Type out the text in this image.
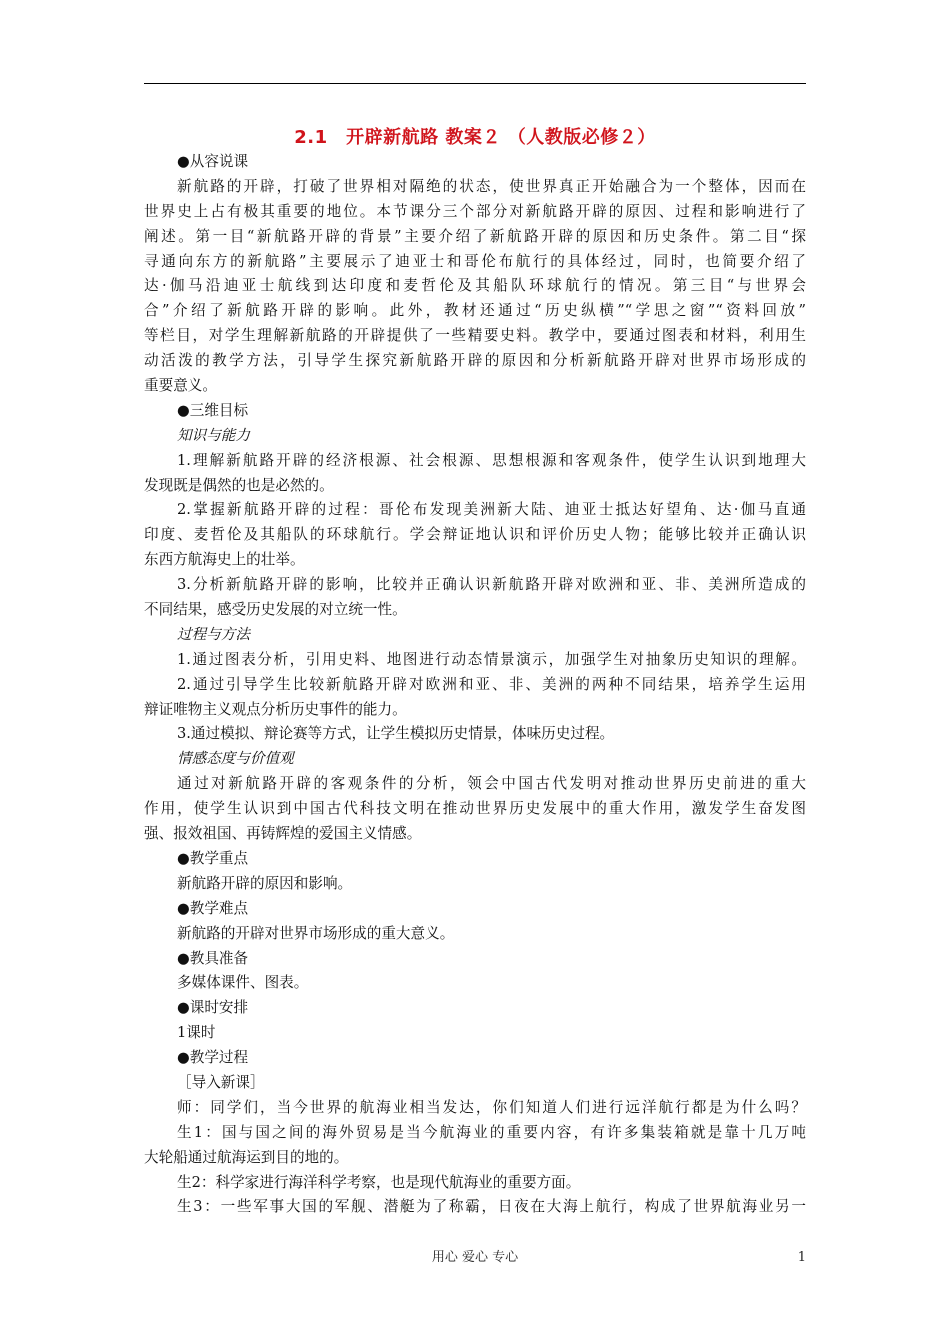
2.1　开辟新航路 教案２ （人教版必修２）
●从容说课
新航路的开辟，打破了世界相对隔绝的状态，使世界真正开始融合为一个整体，因而在
世界史上占有极其重要的地位。本节课分三个部分对新航路开辟的原因、过程和影响进行了
阐述。第一目“新航路开辟的背景”主要介绍了新航路开辟的原因和历史条件。第二目“探
寻通向东方的新航路”主要展示了迪亚士和哥伦布航行的具体经过，同时，也简要介绍了
达·伽马沿迪亚士航线到达印度和麦哲伦及其船队环球航行的情况。第三目“与世界会
合”介绍了新航路开辟的影响。此外，教材还通过“历史纵横”“学思之窗”“资料回放”
等栏目，对学生理解新航路的开辟提供了一些精要史料。教学中，要通过图表和材料，利用生
动活泼的教学方法，引导学生探究新航路开辟的原因和分析新航路开辟对世界市场形成的
重要意义。
●三维目标
知识与能力
1.理解新航路开辟的经济根源、社会根源、思想根源和客观条件，使学生认识到地理大
发现既是偶然的也是必然的。
2.掌握新航路开辟的过程：哥伦布发现美洲新大陆、迪亚士抵达好望角、达·伽马直通
印度、麦哲伦及其船队的环球航行。学会辩证地认识和评价历史人物；能够比较并正确认识
东西方航海史上的壮举。
3.分析新航路开辟的影响，比较并正确认识新航路开辟对欧洲和亚、非、美洲所造成的
不同结果，感受历史发展的对立统一性。
过程与方法
1.通过图表分析，引用史料、地图进行动态情景演示，加强学生对抽象历史知识的理解。
2.通过引导学生比较新航路开辟对欧洲和亚、非、美洲的两种不同结果，培养学生运用
辩证唯物主义观点分析历史事件的能力。
3.通过模拟、辩论赛等方式，让学生模拟历史情景，体味历史过程。
情感态度与价值观
通过对新航路开辟的客观条件的分析，领会中国古代发明对推动世界历史前进的重大
作用，使学生认识到中国古代科技文明在推动世界历史发展中的重大作用，激发学生奋发图
强、报效祖国、再铸辉煌的爱国主义情感。
●教学重点
新航路开辟的原因和影响。
●教学难点
新航路的开辟对世界市场形成的重大意义。
●教具准备
多媒体课件、图表。
●课时安排
1课时
●教学过程
［导入新课］
师：同学们，当今世界的航海业相当发达，你们知道人们进行远洋航行都是为什么吗？
生1：国与国之间的海外贸易是当今航海业的重要内容，有许多集装箱就是靠十几万吨
大轮船通过航海运到目的地的。
生2：科学家进行海洋科学考察，也是现代航海业的重要方面。
生3：一些军事大国的军舰、潜艇为了称霸，日夜在大海上航行，构成了世界航海业另一
用心 爱心 专心	1
